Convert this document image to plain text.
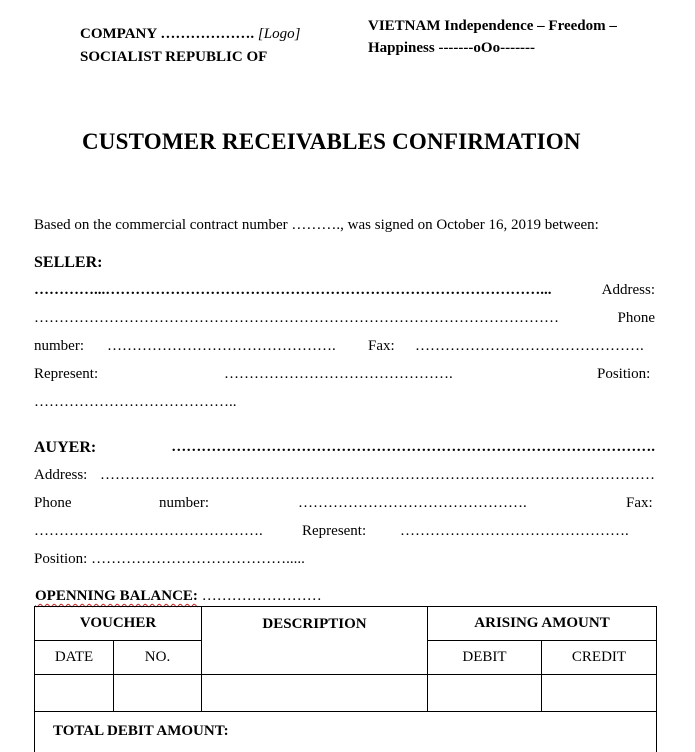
COMPANY ………………. [Logo]
SOCIALIST REPUBLIC OF
VIETNAM Independence – Freedom –
Happiness -------oOo-------
CUSTOMER RECEIVABLES CONFIRMATION
Based on the commercial contract number ………., was signed on October 16, 2019 between:
SELLER:
…………...……………………………………………………………………………...	Address:
……………………………………………………………………………………………	Phone
number: ………………………………………. Fax: ……………………………………….
Represent:	……………………………………….	Position:
…………………………………..
AUYER:	…………………………………………………………………………………….
Address: …………………………………………………………………………………………………
Phone	number:	……………………………………….	Fax:
……………………………………….	Represent: ……………………………………….
Position: ………………………………….....
OPENNING BALANCE: ……………………
VOUCHER		DESCRIPTION	ARISING AMOUNT	
DATE	NO.		DEBIT	CREDIT

TOTAL DEBIT AMOUNT:				
